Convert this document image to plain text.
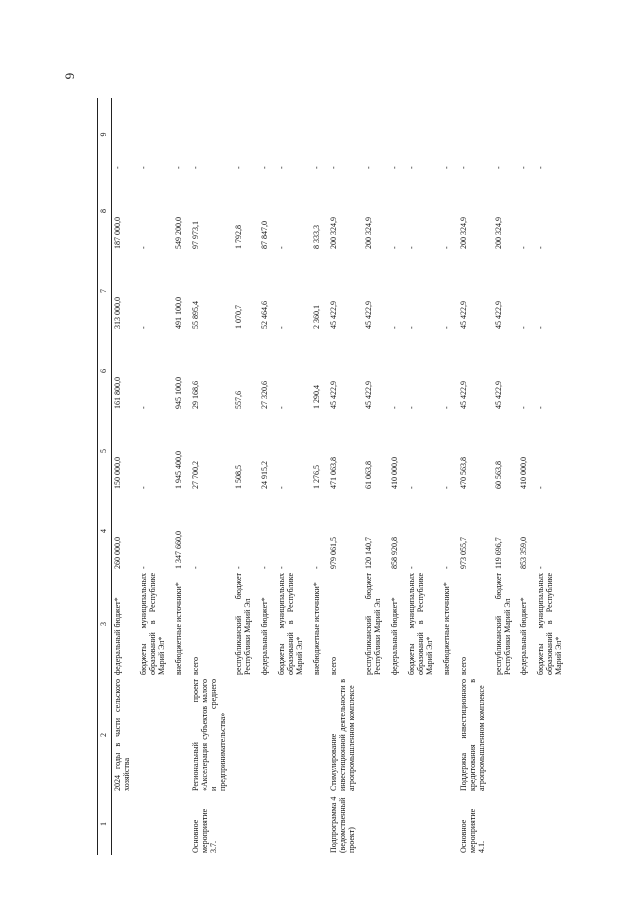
6
1	2	3	4	5	6	7	8	9
	2024 годы в части сельского хозяйства	федеральный бюджет*	260 000,0	150 000,0	161 800,0	313 000,0	187 000,0	-
		бюджеты муниципальных образований в Республике Марий Эл*	-	-	-	-	-	-
		внебюджетные источники*	1 347 660,0	1 945 400,0	945 100,0	491 100,0	549 200,0	-
Основное мероприятие 3.7.	Региональный проект «Акселерация субъектов малого и среднего предпринимательства»	всего	-	27 700,2	29 168,6	55 895,4	97 973,1	-
		республиканский бюджет Республики Марий Эл	-	1 508,5	557,6	1 070,7	1 792,8	-
		федеральный бюджет*	-	24 915,2	27 320,6	52 464,6	87 847,0	-
		бюджеты муниципальных образований в Республике Марий Эл*	-	-	-	-	-	-
		внебюджетные источники*	-	1 276,5	1 290,4	2 360,1	8 333,3	-
Подпрограмма 4 (ведомственный проект)	Стимулирование инвестиционной деятельности в агропромышленном комплексе	всего	979 061,5	471 063,8	45 422,9	45 422,9	200 324,9	-
		республиканский бюджет Республики Марий Эл	120 140,7	61 063,8	45 422,9	45 422,9	200 324,9	-
		федеральный бюджет*	858 920,8	410 000,0	-	-	-	-
		бюджеты муниципальных образований в Республике Марий Эл*	-	-	-	-	-	-
		внебюджетные источники*	-	-	-	-	-	-
Основное мероприятие 4.1.	Поддержка инвестиционного кредитования в агропромышленном комплексе	всего	973 055,7	470 563,8	45 422,9	45 422,9	200 324,9	-
		республиканский бюджет Республики Марий Эл	119 696,7	60 563,8	45 422,9	45 422,9	200 324,9	-
		федеральный бюджет*	853 359,0	410 000,0	-	-	-	-
		бюджеты муниципальных образований в Республике Марий Эл*	-	-	-	-	-	-
